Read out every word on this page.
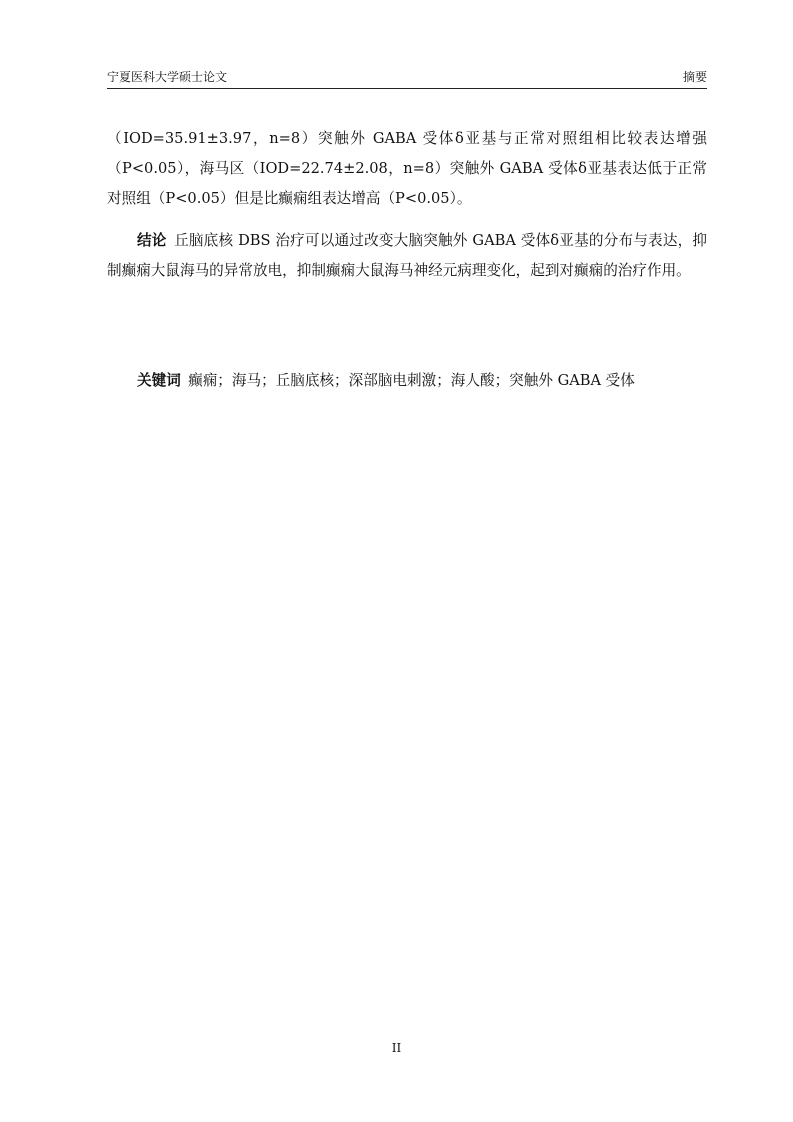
宁夏医科大学硕士论文	摘要

（IOD=35.91±3.97，n=8）突触外 GABA 受体δ亚基与正常对照组相比较表达增强（P<0.05），海马区（IOD=22.74±2.08，n=8）突触外 GABA 受体δ亚基表达低于正常对照组（P<0.05）但是比癫痫组表达增高（P<0.05）。

结论  丘脑底核 DBS 治疗可以通过改变大脑突触外 GABA 受体δ亚基的分布与表达，抑制癫痫大鼠海马的异常放电，抑制癫痫大鼠海马神经元病理变化，起到对癫痫的治疗作用。

关键词  癫痫；海马；丘脑底核；深部脑电刺激；海人酸；突触外 GABA 受体

II
